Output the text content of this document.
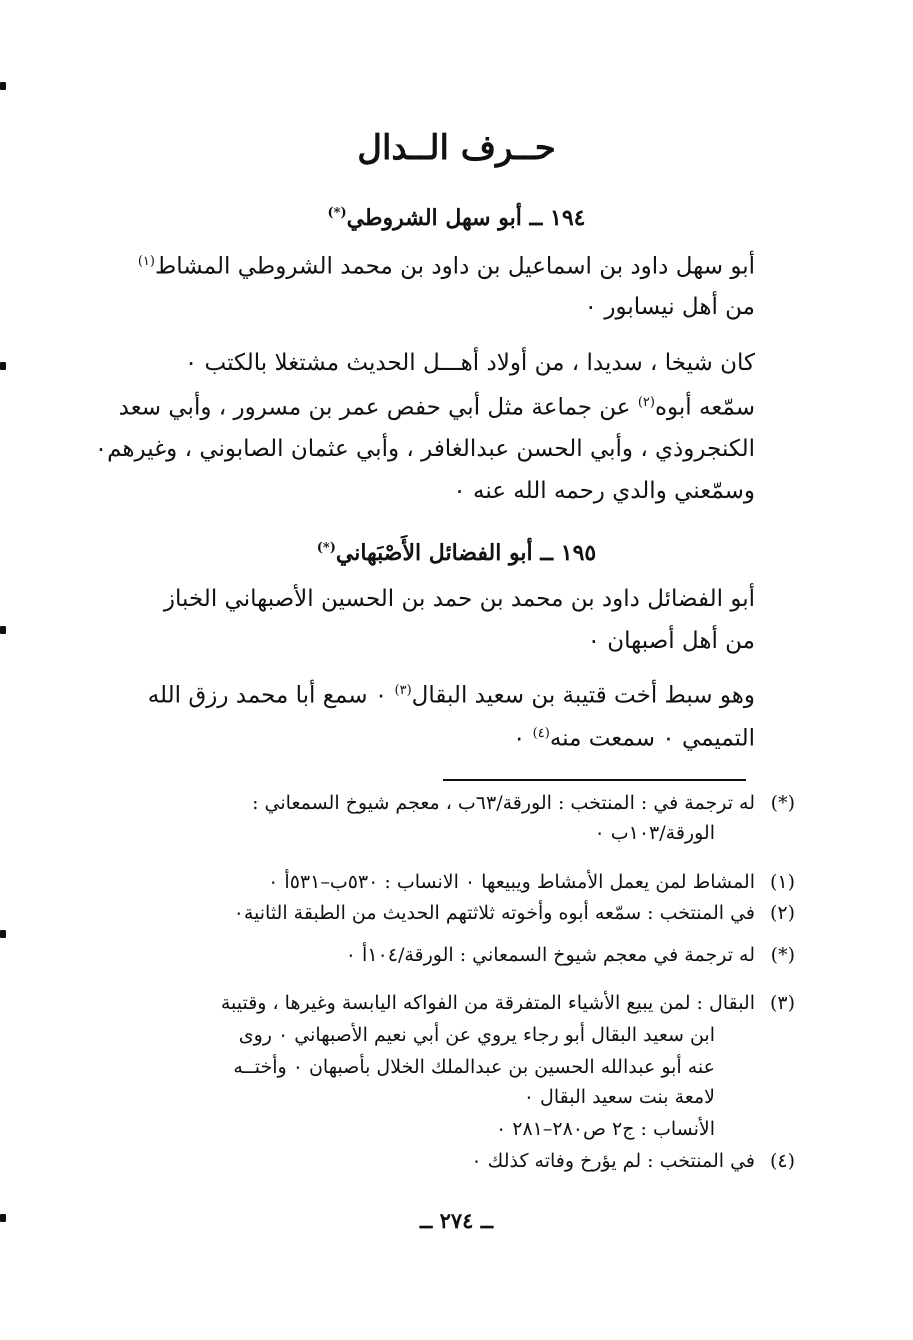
حــرف الــدال
١٩٤ ــ أبو سهل الشروطي(*)
أبو سهل داود بن اسماعيل بن داود بن محمد الشروطي المشاط$^{(١)}$
من أهل نيسابور ٠
كان شيخا ، سديدا ، من أولاد أهـــل الحديث مشتغلا بالكتب ٠
سمّعه أبوه$^{(٢)}$ عن جماعة مثل أبي حفص عمر بن مسرور ، وأبي سعد
الكنجروذي ، وأبي الحسن عبدالغافر ، وأبي عثمان الصابوني ، وغيرهم٠
وسمّعني والدي رحمه الله عنه ٠
١٩٥ ــ أبو الفضائل الأَصْبَهاني(*)
أبو الفضائل داود بن محمد بن حمد بن الحسين الأصبهاني الخباز
من أهل أصبهان ٠
وهو سبط أخت قتيبة بن سعيد البقال$^{(٣)}$ ٠ سمع أبا محمد رزق الله
التميمي ٠ سمعت منه$^{(٤)}$ ٠
(*)له ترجمة في : المنتخب : الورقة/٦٣ب ، معجم شيوخ السمعاني :
الورقة/١٠٣ب ٠
(١)المشاط لمن يعمل الأمشاط ويبيعها ٠ الانساب : ٥٣٠ب–٥٣١أ ٠
(٢)في المنتخب : سمّعه أبوه وأخوته ثلاثتهم الحديث من الطبقة الثانية٠
(*)له ترجمة في معجم شيوخ السمعاني : الورقة/١٠٤أ ٠
(٣)البقال : لمن يبيع الأشياء المتفرقة من الفواكه اليابسة وغيرها ، وقتيبة
ابن سعيد البقال أبو رجاء يروي عن أبي نعيم الأصبهاني ٠ روى
عنه أبو عبدالله الحسين بن عبدالملك الخلال بأصبهان ٠ وأختــه
لامعة بنت سعيد البقال ٠
الأنساب : ج٢ ص٢٨٠–٢٨١ ٠
(٤)في المنتخب : لم يؤرخ وفاته كذلك ٠
ــ ٢٧٤ ــ
